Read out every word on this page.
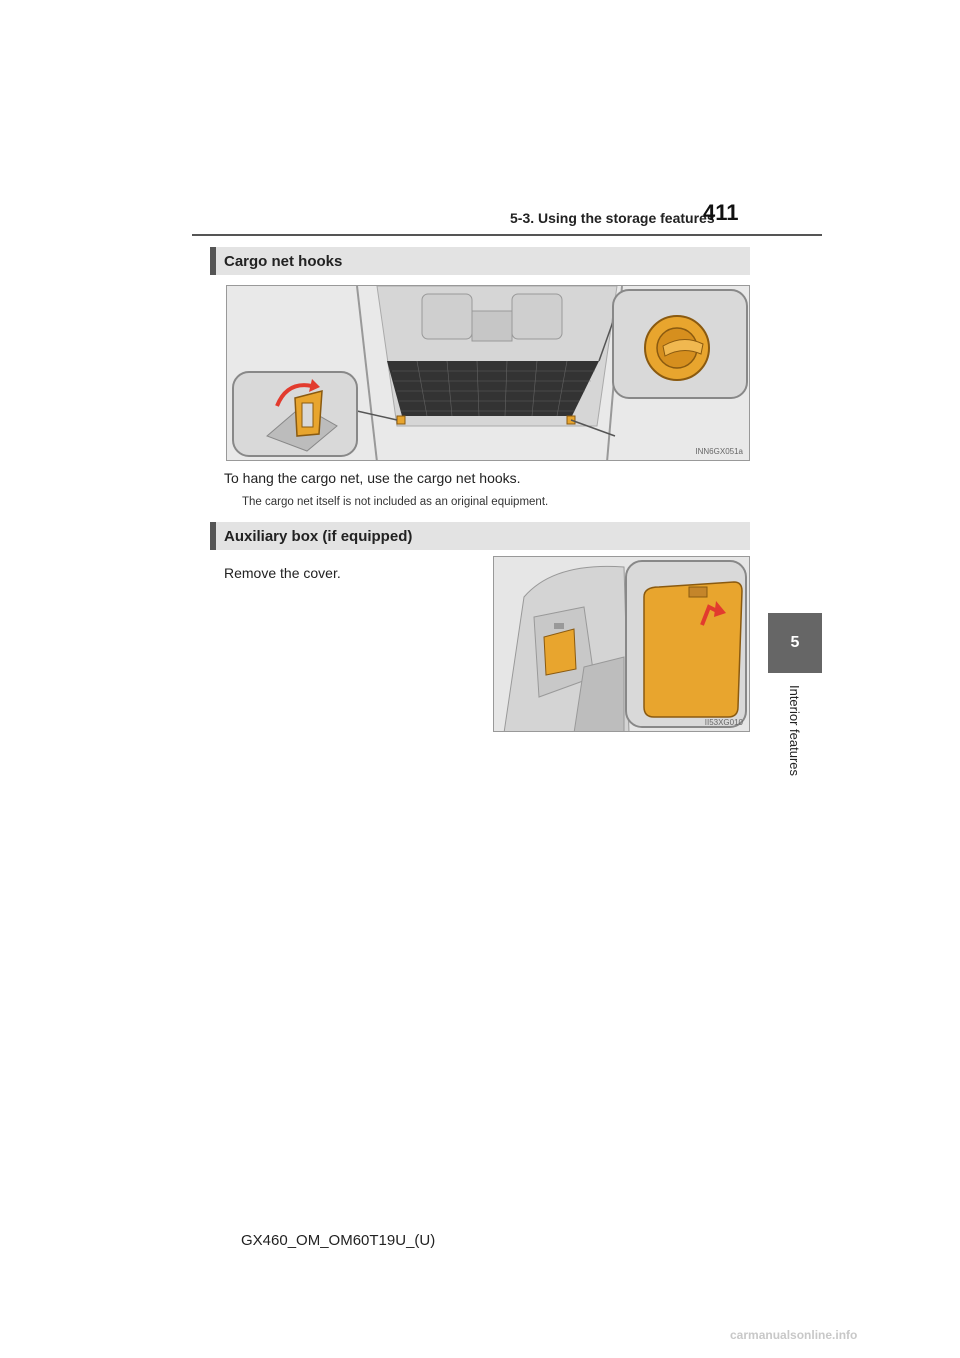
5-3. Using the storage features
411
5
Interior features
Cargo net hooks
INN6GX051a
To hang the cargo net, use the cargo net hooks.
The cargo net itself is not included as an original equipment.
Auxiliary box (if equipped)
Remove the cover.
II53XG010
GX460_OM_OM60T19U_(U)
carmanualsonline.info
